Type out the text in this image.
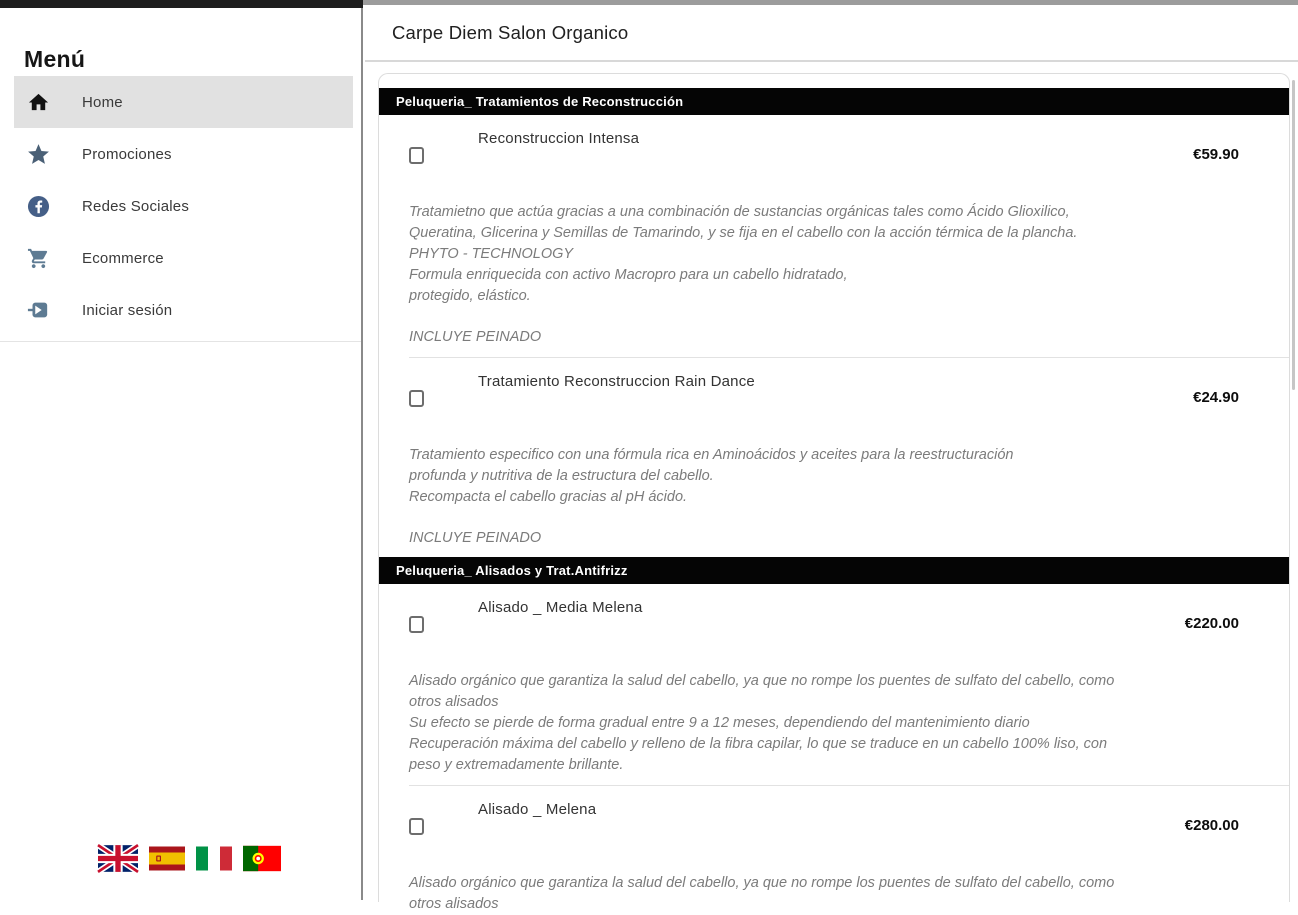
Menú
Home
Promociones
Redes Sociales
Ecommerce
Iniciar sesión
Carpe Diem Salon Organico
Peluqueria_ Tratamientos de Reconstrucción
Reconstruccion Intensa
€59.90
Tratamietno que actúa gracias a una combinación de sustancias orgánicas tales como Ácido Glioxilico,
Queratina, Glicerina y Semillas de Tamarindo, y se fija en el cabello con la acción térmica de la plancha.
PHYTO - TECHNOLOGY
Formula enriquecida con activo Macropro para un cabello hidratado,
protegido, elástico.
INCLUYE PEINADO
Tratamiento Reconstruccion Rain Dance
€24.90
Tratamiento especifico con una fórmula rica en Aminoácidos y aceites para la reestructuración
profunda y nutritiva de la estructura del cabello.
Recompacta el cabello gracias al pH ácido.
INCLUYE PEINADO
Peluqueria_ Alisados y Trat.Antifrizz
Alisado _ Media Melena
€220.00
Alisado orgánico que garantiza la salud del cabello, ya que no rompe los puentes de sulfato del cabello, como
otros alisados
Su efecto se pierde de forma gradual entre 9 a 12 meses, dependiendo del mantenimiento diario
Recuperación máxima del cabello y relleno de la fibra capilar, lo que se traduce en un cabello 100% liso, con
peso y extremadamente brillante.
Alisado _ Melena
€280.00
Alisado orgánico que garantiza la salud del cabello, ya que no rompe los puentes de sulfato del cabello, como
otros alisados
